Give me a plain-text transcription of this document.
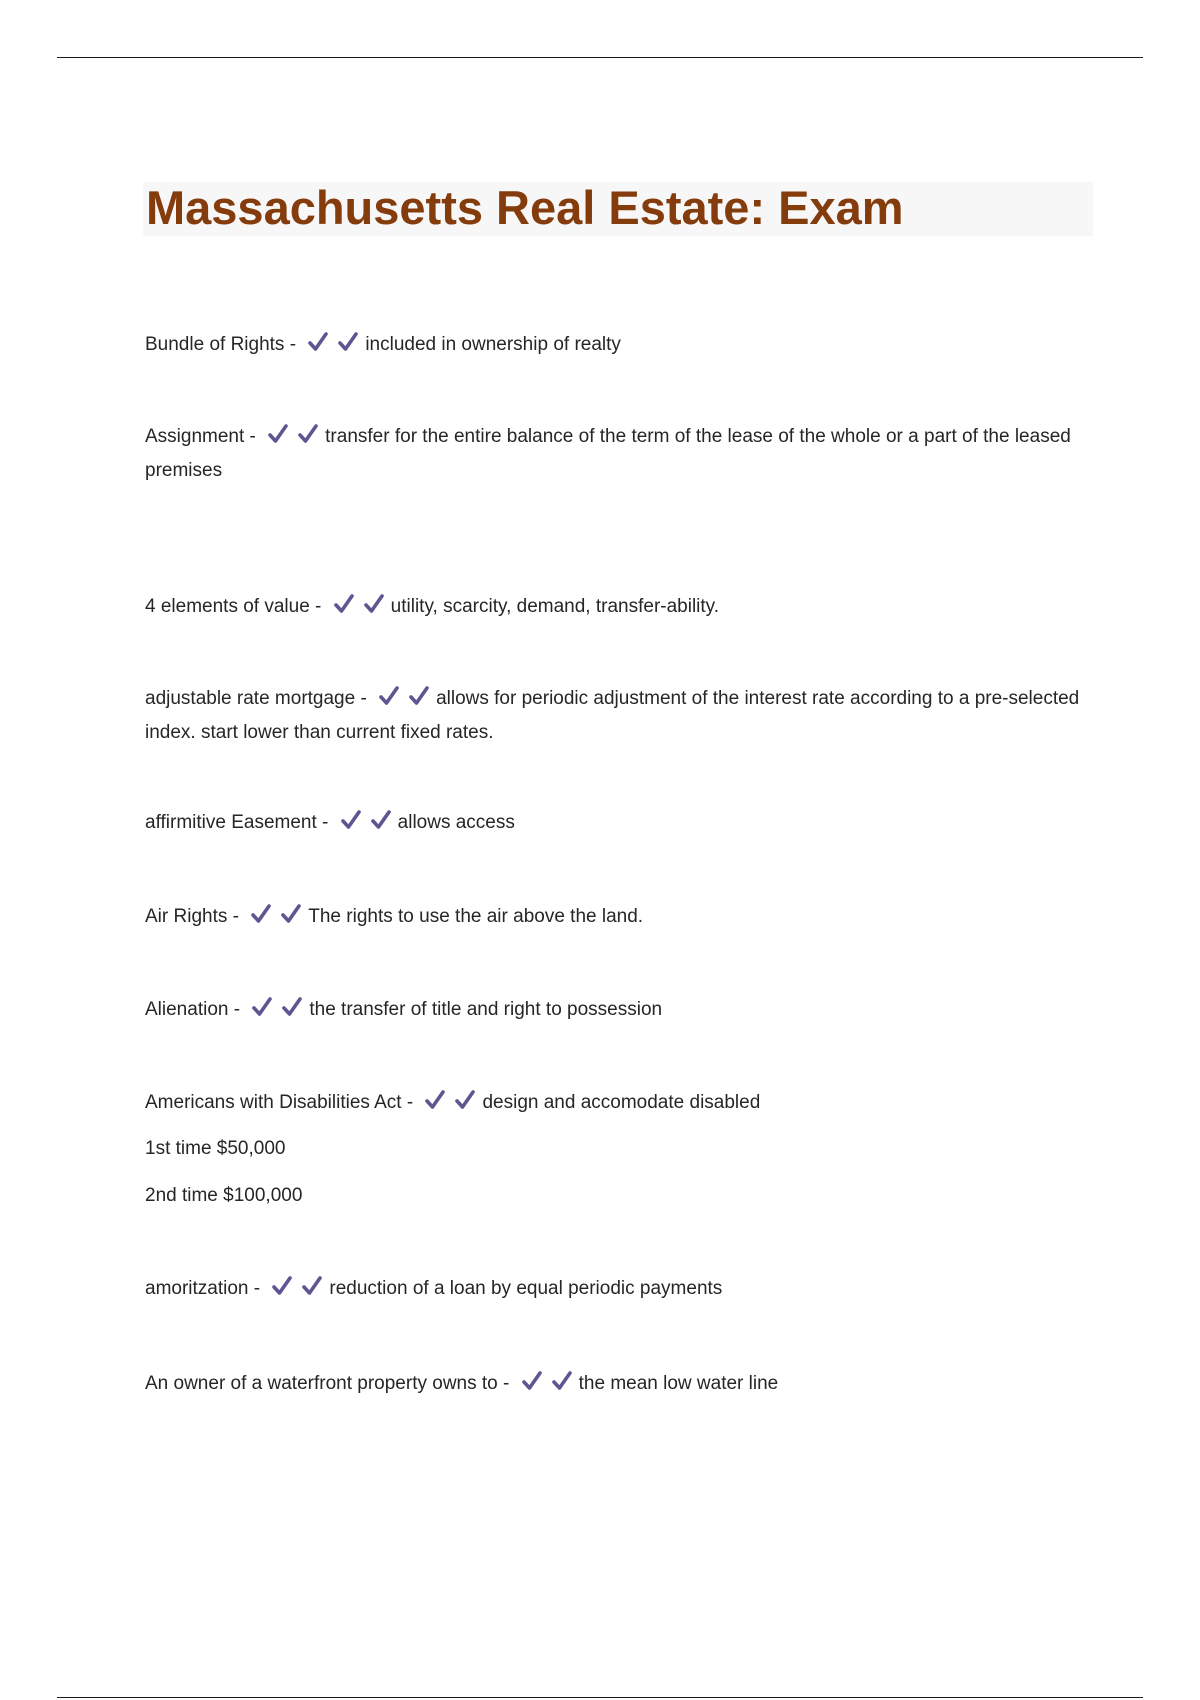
Massachusetts Real Estate: Exam

Bundle of Rights -	included in ownership of realty

Assignment -	transfer for the entire balance of the term of the lease of the whole or a part of the leased premises

4 elements of value -	utility, scarcity, demand, transfer-ability.

adjustable rate mortgage -	allows for periodic adjustment of the interest rate according to a pre-selected index. start lower than current fixed rates.

affirmitive Easement -	allows access

Air Rights -	The rights to use the air above the land.

Alienation -	the transfer of title and right to possession

Americans with Disabilities Act -	design and accomodate disabled

1st time $50,000

2nd time $100,000

amoritzation -	reduction of a loan by equal periodic payments

An owner of a waterfront property owns to -	the mean low water line
